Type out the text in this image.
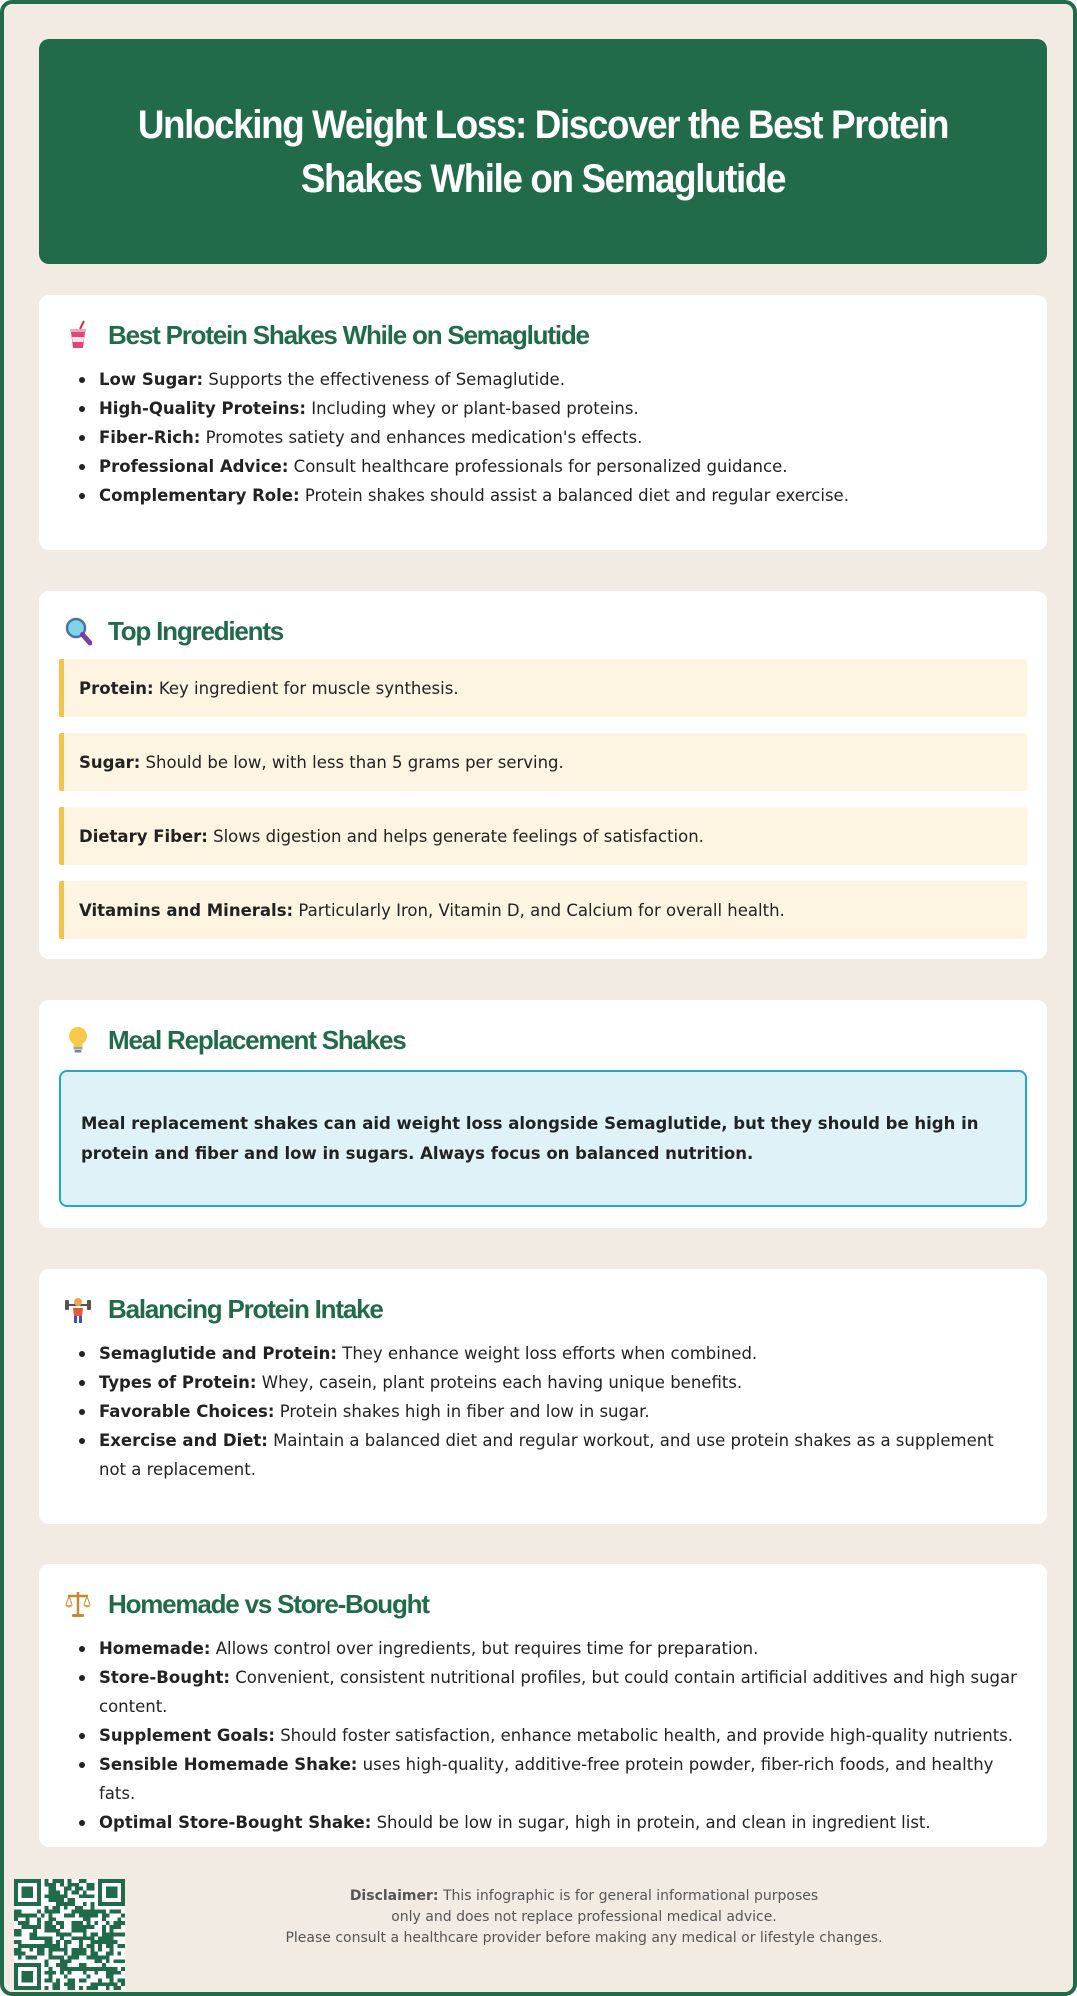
Unlocking Weight Loss: Discover the Best Protein Shakes While on Semaglutide
Best Protein Shakes While on Semaglutide
Low Sugar: Supports the effectiveness of Semaglutide.
High-Quality Proteins: Including whey or plant-based proteins.
Fiber-Rich: Promotes satiety and enhances medication's effects.
Professional Advice: Consult healthcare professionals for personalized guidance.
Complementary Role: Protein shakes should assist a balanced diet and regular exercise.
Top Ingredients
Protein: Key ingredient for muscle synthesis.
Sugar: Should be low, with less than 5 grams per serving.
Dietary Fiber: Slows digestion and helps generate feelings of satisfaction.
Vitamins and Minerals: Particularly Iron, Vitamin D, and Calcium for overall health.
Meal Replacement Shakes
Meal replacement shakes can aid weight loss alongside Semaglutide, but they should be high in protein and fiber and low in sugars. Always focus on balanced nutrition.
Balancing Protein Intake
Semaglutide and Protein: They enhance weight loss efforts when combined.
Types of Protein: Whey, casein, plant proteins each having unique benefits.
Favorable Choices: Protein shakes high in fiber and low in sugar.
Exercise and Diet: Maintain a balanced diet and regular workout, and use protein shakes as a supplement not a replacement.
Homemade vs Store-Bought
Homemade: Allows control over ingredients, but requires time for preparation.
Store-Bought: Convenient, consistent nutritional profiles, but could contain artificial additives and high sugar content.
Supplement Goals: Should foster satisfaction, enhance metabolic health, and provide high-quality nutrients.
Sensible Homemade Shake: uses high-quality, additive-free protein powder, fiber-rich foods, and healthy fats.
Optimal Store-Bought Shake: Should be low in sugar, high in protein, and clean in ingredient list.
Disclaimer: This infographic is for general informational purposes
only and does not replace professional medical advice.
Please consult a healthcare provider before making any medical or lifestyle changes.
